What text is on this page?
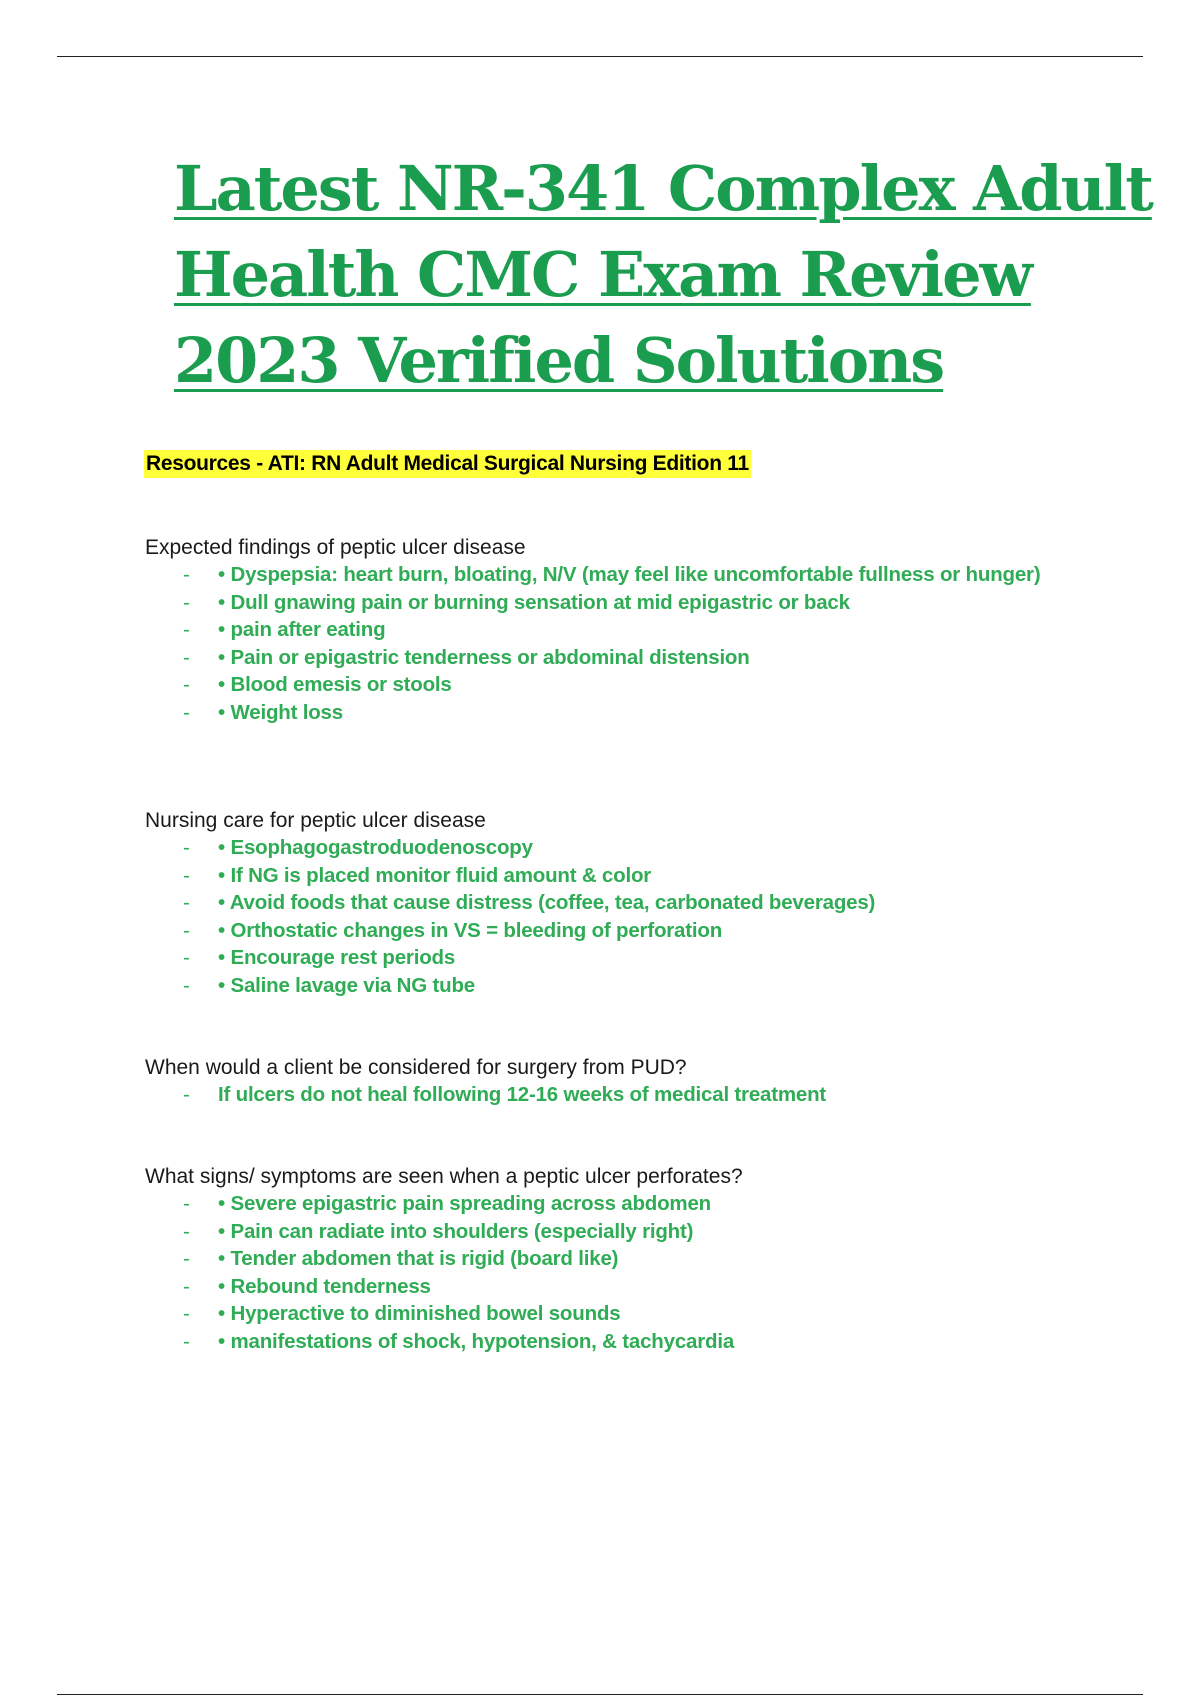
Latest NR-341 Complex Adult
Health CMC Exam Review
2023 Verified Solutions

Resources - ATI: RN Adult Medical Surgical Nursing Edition 11

Expected findings of peptic ulcer disease

- • Dyspepsia: heart burn, bloating, N/V (may feel like uncomfortable fullness or hunger)
- • Dull gnawing pain or burning sensation at mid epigastric or back
- • pain after eating
- • Pain or epigastric tenderness or abdominal distension
- • Blood emesis or stools
- • Weight loss

Nursing care for peptic ulcer disease

- • Esophagogastroduodenoscopy
- • If NG is placed monitor fluid amount & color
- • Avoid foods that cause distress (coffee, tea, carbonated beverages)
- • Orthostatic changes in VS = bleeding of perforation
- • Encourage rest periods
- • Saline lavage via NG tube

When would a client be considered for surgery from PUD?

- If ulcers do not heal following 12-16 weeks of medical treatment

What signs/ symptoms are seen when a peptic ulcer perforates?

- • Severe epigastric pain spreading across abdomen
- • Pain can radiate into shoulders (especially right)
- • Tender abdomen that is rigid (board like)
- • Rebound tenderness
- • Hyperactive to diminished bowel sounds
- • manifestations of shock, hypotension, & tachycardia
